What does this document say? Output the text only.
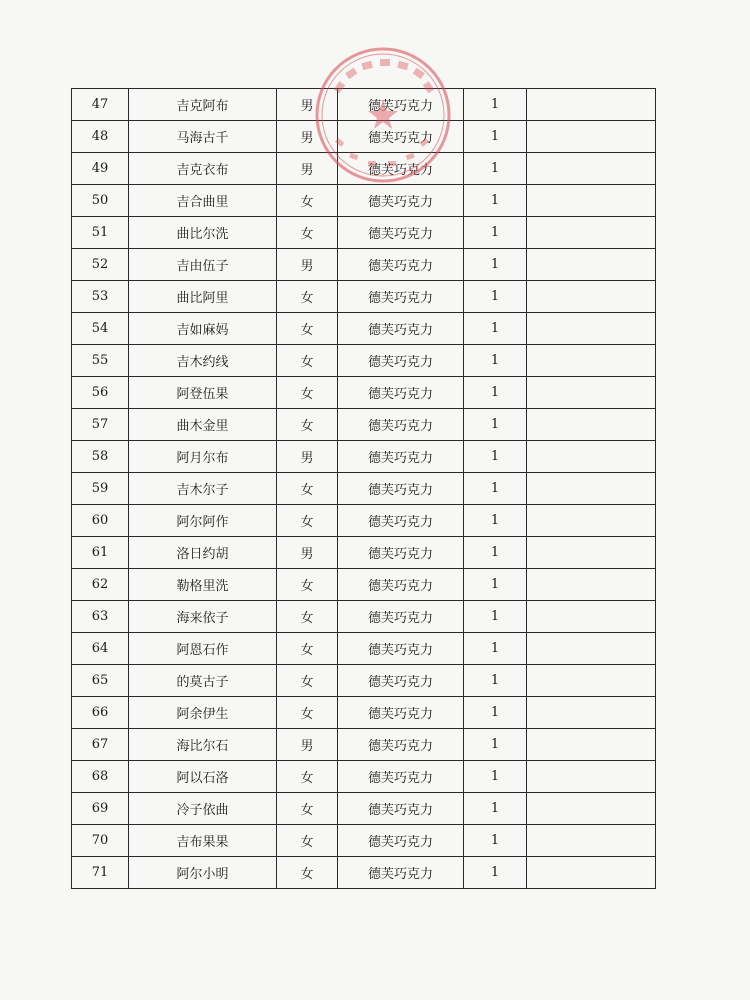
47	吉克阿布	男	德芙巧克力	1	
48	马海古千	男	德芙巧克力	1	
49	吉克衣布	男	德芙巧克力	1	
50	吉合曲里	女	德芙巧克力	1	
51	曲比尔洗	女	德芙巧克力	1	
52	吉由伍子	男	德芙巧克力	1	
53	曲比阿里	女	德芙巧克力	1	
54	吉如麻妈	女	德芙巧克力	1	
55	吉木约线	女	德芙巧克力	1	
56	阿登伍果	女	德芙巧克力	1	
57	曲木金里	女	德芙巧克力	1	
58	阿月尔布	男	德芙巧克力	1	
59	吉木尔子	女	德芙巧克力	1	
60	阿尔阿作	女	德芙巧克力	1	
61	洛日约胡	男	德芙巧克力	1	
62	勒格里洗	女	德芙巧克力	1	
63	海来依子	女	德芙巧克力	1	
64	阿恩石作	女	德芙巧克力	1	
65	的莫古子	女	德芙巧克力	1	
66	阿余伊生	女	德芙巧克力	1	
67	海比尔石	男	德芙巧克力	1	
68	阿以石洛	女	德芙巧克力	1	
69	冷子依曲	女	德芙巧克力	1	
70	吉布果果	女	德芙巧克力	1	
71	阿尔小明	女	德芙巧克力	1	
